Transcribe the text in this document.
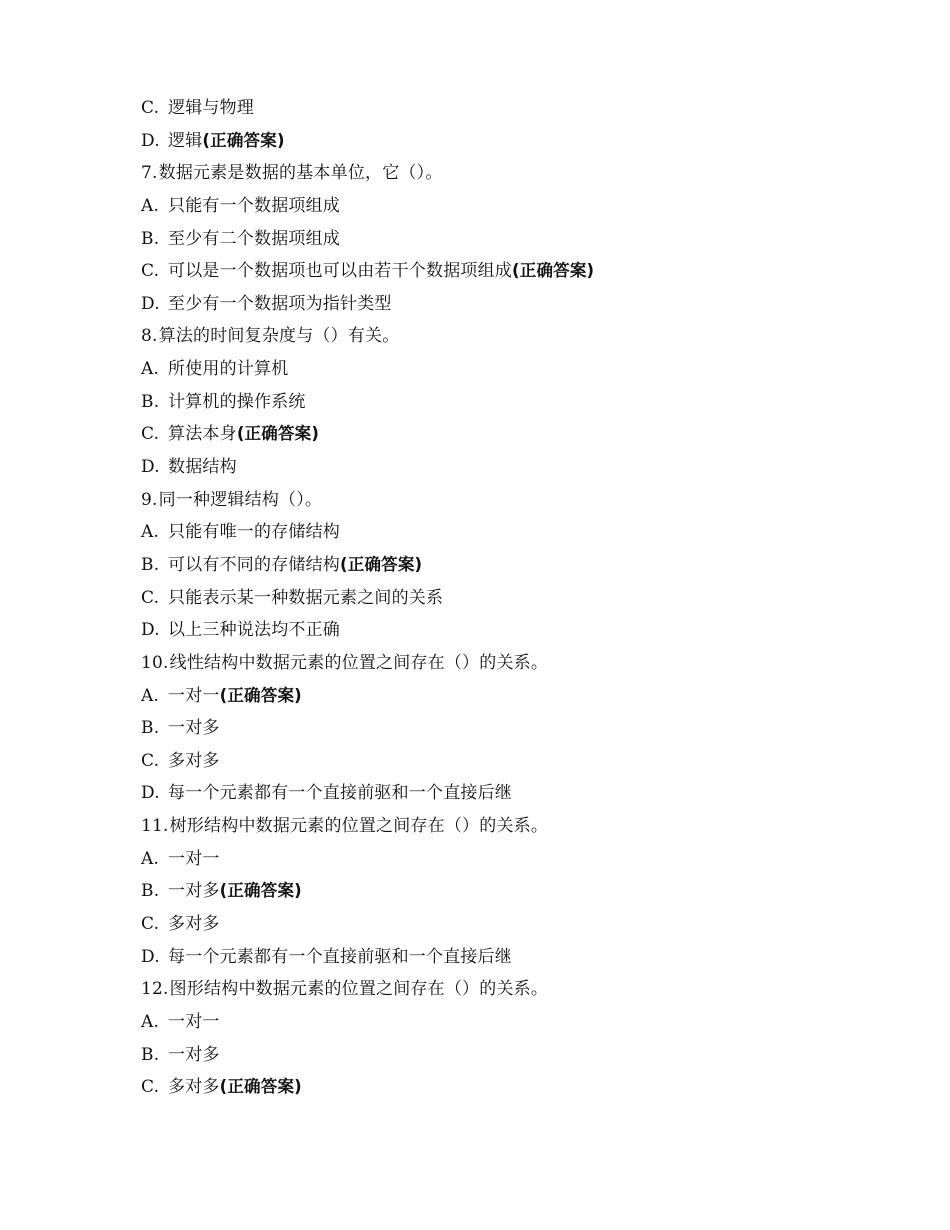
C. 逻辑与物理
D. 逻辑(正确答案)
7.数据元素是数据的基本单位，它（）。
A. 只能有一个数据项组成
B. 至少有二个数据项组成
C. 可以是一个数据项也可以由若干个数据项组成(正确答案)
D. 至少有一个数据项为指针类型
8.算法的时间复杂度与（）有关。
A. 所使用的计算机
B. 计算机的操作系统
C. 算法本身(正确答案)
D. 数据结构
9.同一种逻辑结构（）。
A. 只能有唯一的存储结构
B. 可以有不同的存储结构(正确答案)
C. 只能表示某一种数据元素之间的关系
D. 以上三种说法均不正确
10.线性结构中数据元素的位置之间存在（）的关系。
A. 一对一(正确答案)
B. 一对多
C. 多对多
D. 每一个元素都有一个直接前驱和一个直接后继
11.树形结构中数据元素的位置之间存在（）的关系。
A. 一对一
B. 一对多(正确答案)
C. 多对多
D. 每一个元素都有一个直接前驱和一个直接后继
12.图形结构中数据元素的位置之间存在（）的关系。
A. 一对一
B. 一对多
C. 多对多(正确答案)
